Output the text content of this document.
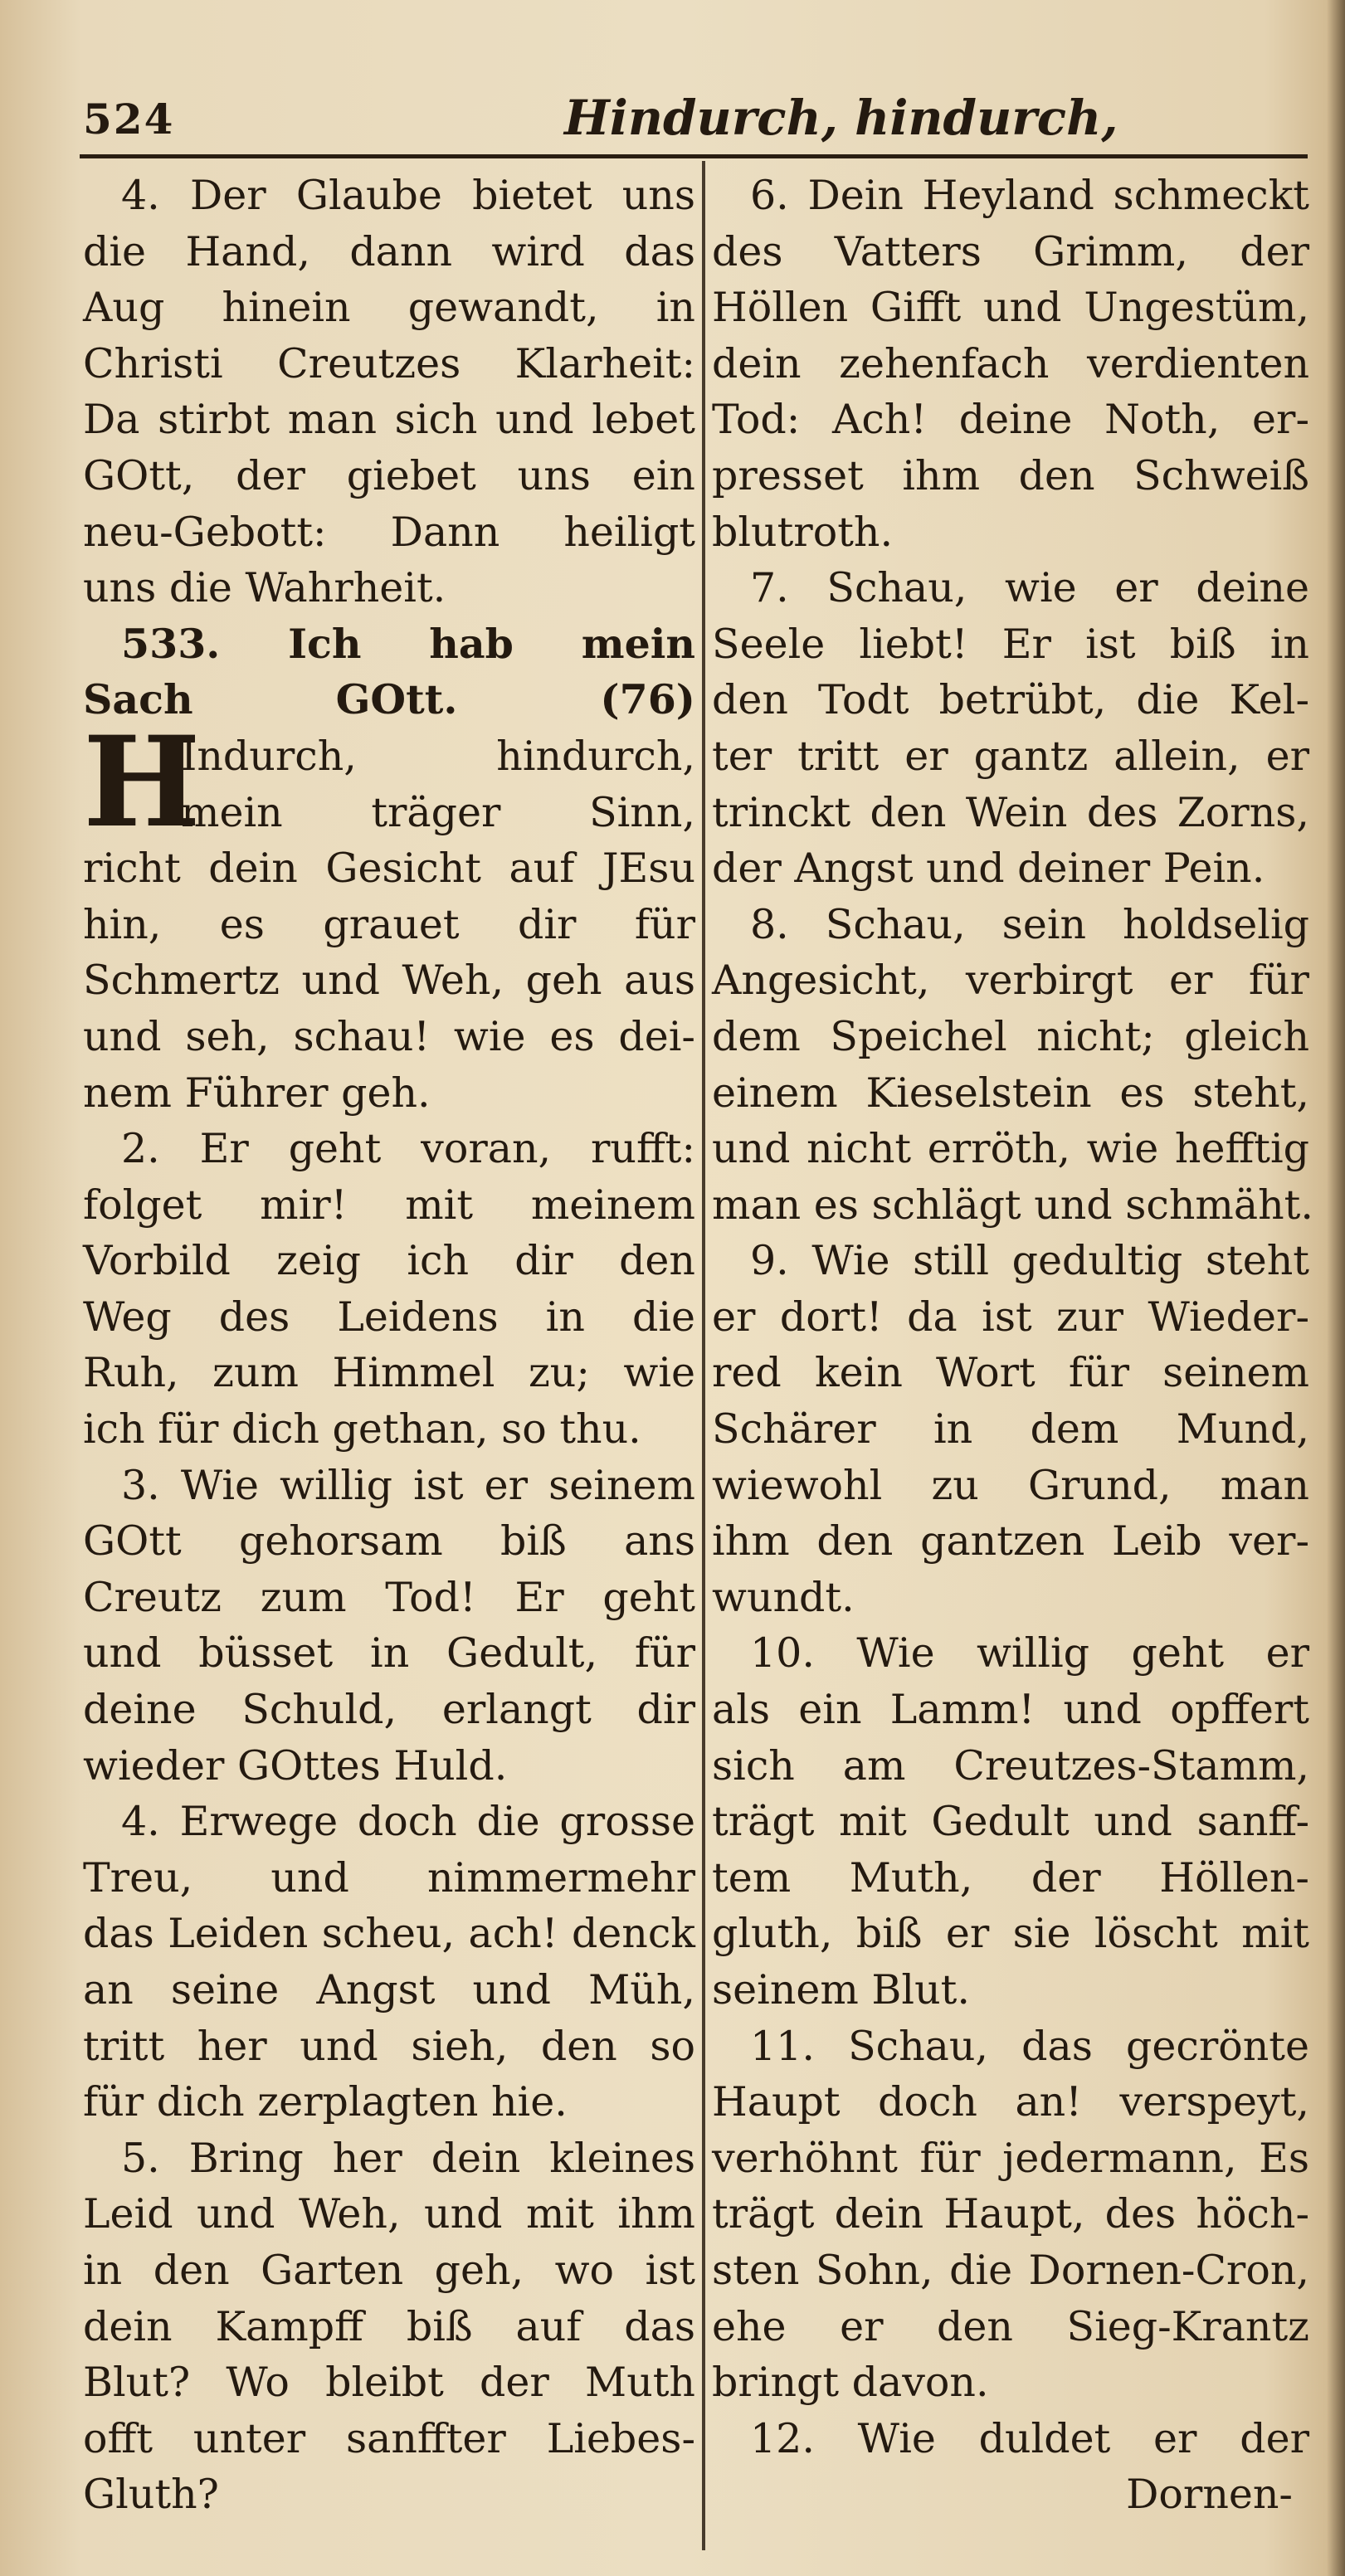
524	Hindurch, hindurch,
4. Der Glaube bietet uns
die Hand, dann wird das
Aug hinein gewandt, in
Christi Creutzes Klarheit:
Da stirbt man sich und lebet
GOtt, der giebet uns ein
neu-Gebott: Dann heiligt
uns die Wahrheit.
533. Ich hab mein
Sach GOtt. (76)
H
Indurch, hindurch,
mein träger Sinn,
richt dein Gesicht auf JEsu
hin, es grauet dir für
Schmertz und Weh, geh aus
und seh, schau! wie es dei-
nem Führer geh.
2. Er geht voran, rufft:
folget mir! mit meinem
Vorbild zeig ich dir den
Weg des Leidens in die
Ruh, zum Himmel zu; wie
ich für dich gethan, so thu.
3. Wie willig ist er seinem
GOtt gehorsam biß ans
Creutz zum Tod! Er geht
und büsset in Gedult, für
deine Schuld, erlangt dir
wieder GOttes Huld.
4. Erwege doch die grosse
Treu, und nimmermehr
das Leiden scheu, ach! denck
an seine Angst und Müh,
tritt her und sieh, den so
für dich zerplagten hie.
5. Bring her dein kleines
Leid und Weh, und mit ihm
in den Garten geh, wo ist
dein Kampff biß auf das
Blut? Wo bleibt der Muth
offt unter sanffter Liebes-
Gluth?
6. Dein Heyland schmeckt
des Vatters Grimm, der
Höllen Gifft und Ungestüm,
dein zehenfach verdienten
Tod: Ach! deine Noth, er-
presset ihm den Schweiß
blutroth.
7. Schau, wie er deine
Seele liebt! Er ist biß in
den Todt betrübt, die Kel-
ter tritt er gantz allein, er
trinckt den Wein des Zorns,
der Angst und deiner Pein.
8. Schau, sein holdselig
Angesicht, verbirgt er für
dem Speichel nicht; gleich
einem Kieselstein es steht,
und nicht erröth, wie hefftig
man es schlägt und schmäht.
9. Wie still gedultig steht
er dort! da ist zur Wieder-
red kein Wort für seinem
Schärer in dem Mund,
wiewohl zu Grund, man
ihm den gantzen Leib ver-
wundt.
10. Wie willig geht er
als ein Lamm! und opffert
sich am Creutzes-Stamm,
trägt mit Gedult und sanff-
tem Muth, der Höllen-
gluth, biß er sie löscht mit
seinem Blut.
11. Schau, das gecrönte
Haupt doch an! verspeyt,
verhöhnt für jedermann, Es
trägt dein Haupt, des höch-
sten Sohn, die Dornen-Cron,
ehe er den Sieg-Krantz
bringt davon.
12. Wie duldet er der
Dornen-
